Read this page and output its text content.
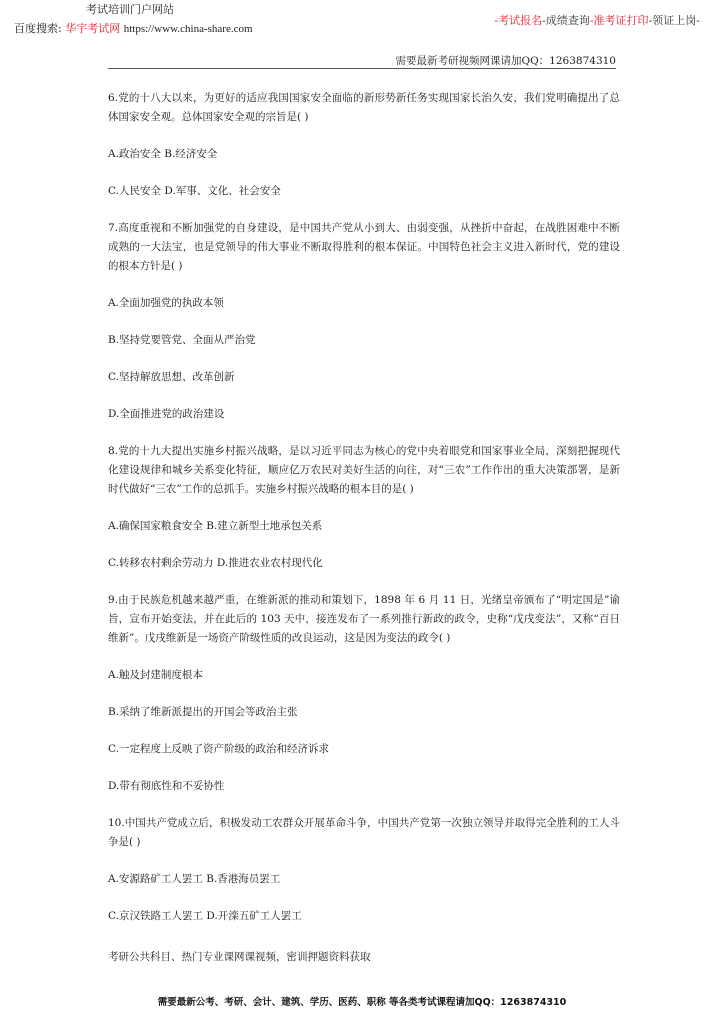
考试培训门户网站
百度搜索: 华宇考试网 https://www.china-share.com
-考试报名-成绩查询-准考证打印-领证上岗-
需要最新考研视频网课请加QQ：1263874310

6.党的十八大以来，为更好的适应我国国家安全面临的新形势新任务实现国家长治久安，我们党明确提出了总体国家安全观。总体国家安全观的宗旨是( )

A.政治安全 B.经济安全

C.人民安全 D.军事、文化、社会安全

7.高度重视和不断加强党的自身建设，是中国共产党从小到大、由弱变强，从挫折中奋起，在战胜困难中不断成熟的一大法宝，也是党领导的伟大事业不断取得胜利的根本保证。中国特色社会主义进入新时代，党的建设的根本方针是( )

A.全面加强党的执政本领

B.坚持党要管党、全面从严治党

C.坚持解放思想、改革创新

D.全面推进党的政治建设

8.党的十九大提出实施乡村振兴战略，是以习近平同志为核心的党中央着眼党和国家事业全局，深刻把握现代化建设规律和城乡关系变化特征，顺应亿万农民对美好生活的向往，对“三农”工作作出的重大决策部署，是新时代做好“三农”工作的总抓手。实施乡村振兴战略的根本目的是( )

A.确保国家粮食安全 B.建立新型土地承包关系

C.转移农村剩余劳动力 D.推进农业农村现代化

9.由于民族危机越来越严重，在维新派的推动和策划下，1898 年 6 月 11 日，光绪皇帝颁布了“明定国是”谕旨，宣布开始变法，并在此后的 103 天中，接连发布了一系列推行新政的政令，史称“戊戌变法”，又称“百日维新”。戊戌维新是一场资产阶级性质的改良运动，这是因为变法的政令( )

A.触及封建制度根本

B.采纳了维新派提出的开国会等政治主张

C.一定程度上反映了资产阶级的政治和经济诉求

D.带有彻底性和不妥协性

10.中国共产党成立后，积极发动工农群众开展革命斗争，中国共产党第一次独立领导并取得完全胜利的工人斗争是( )

A.安源路矿工人罢工 B.香港海员罢工

C.京汉铁路工人罢工 D.开滦五矿工人罢工

考研公共科目、热门专业课网课视频，密训押题资料获取
需要最新公考、考研、会计、建筑、学历、医药、职称 等各类考试课程请加QQ：1263874310
